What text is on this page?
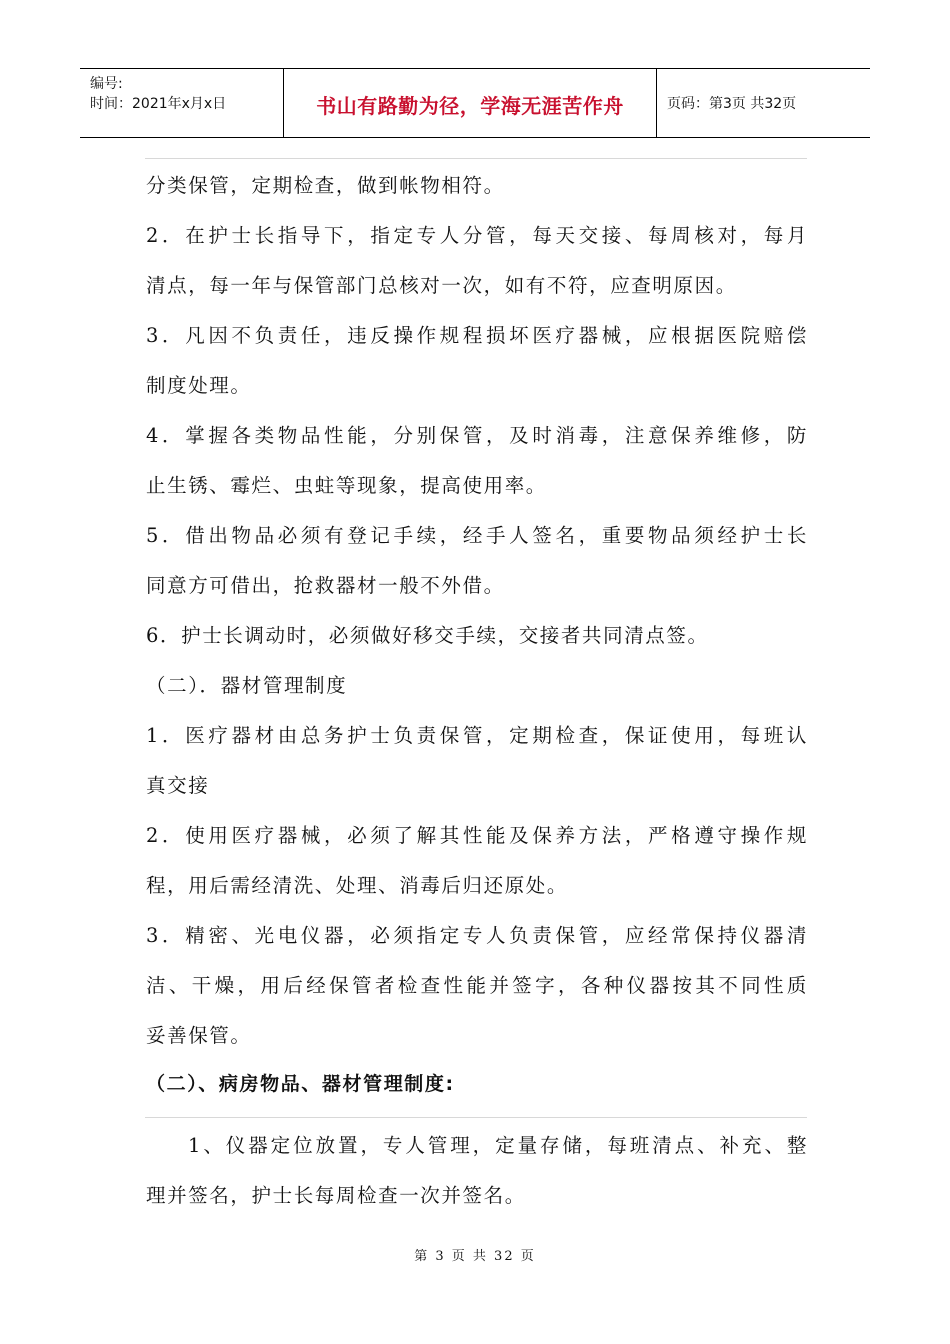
编号:
时间：2021年x月x日	书山有路勤为径，学海无涯苦作舟	页码：第3页 共32页
分类保管，定期检查，做到帐物相符。
2．在护士长指导下，指定专人分管，每天交接、每周核对，每月
清点，每一年与保管部门总核对一次，如有不符，应查明原因。
3．凡因不负责任，违反操作规程损坏医疗器械，应根据医院赔偿
制度处理。
4．掌握各类物品性能，分别保管，及时消毒，注意保养维修，防
止生锈、霉烂、虫蛀等现象，提高使用率。
5．借出物品必须有登记手续，经手人签名，重要物品须经护士长
同意方可借出，抢救器材一般不外借。
6．护士长调动时，必须做好移交手续，交接者共同清点签。
（二）．器材管理制度
1．医疗器材由总务护士负责保管，定期检查，保证使用，每班认
真交接
2．使用医疗器械，必须了解其性能及保养方法，严格遵守操作规
程，用后需经清洗、处理、消毒后归还原处。
3．精密、光电仪器，必须指定专人负责保管，应经常保持仪器清
洁、干燥，用后经保管者检查性能并签字，各种仪器按其不同性质
妥善保管。
（二）、病房物品、器材管理制度:
1、仪器定位放置，专人管理，定量存储，每班清点、补充、整
理并签名，护士长每周检查一次并签名。
第 3 页 共 32 页
